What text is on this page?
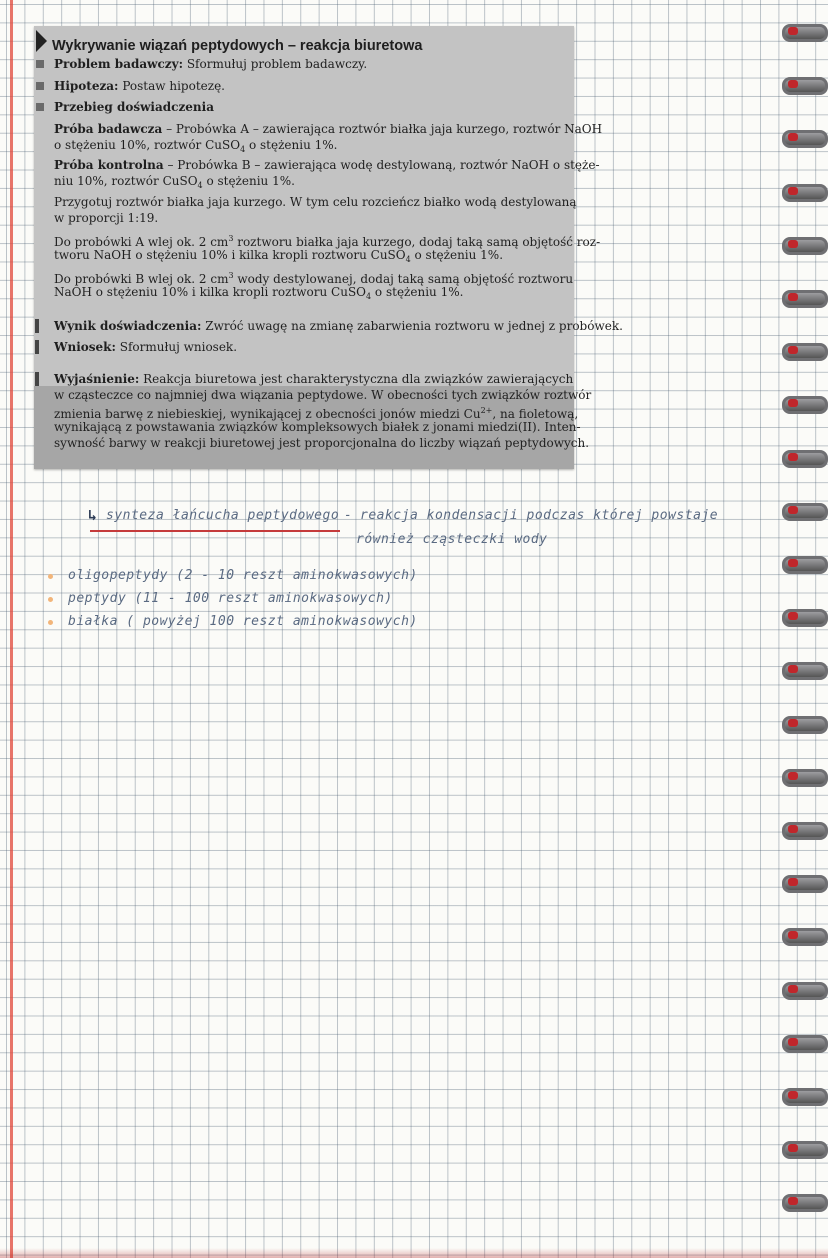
Wykrywanie wiązań peptydowych – reakcja biuretowa
Problem badawczy: Sformułuj problem badawczy.
Hipoteza: Postaw hipotezę.
Przebieg doświadczenia
Próba badawcza – Probówka A – zawierająca roztwór białka jaja kurzego, roztwór NaOH
o stężeniu 10%, roztwór CuSO$_4$ o stężeniu 1%.
Próba kontrolna – Probówka B – zawierająca wodę destylowaną, roztwór NaOH o stęże-
niu 10%, roztwór CuSO$_4$ o stężeniu 1%.
Przygotuj roztwór białka jaja kurzego. W tym celu rozcieńcz białko wodą destylowaną
w proporcji 1:19.
Do probówki A wlej ok. 2 $cm^3$ roztworu białka jaja kurzego, dodaj taką samą objętość roz-
tworu NaOH o stężeniu 10% i kilka kropli roztworu CuSO$_4$ o stężeniu 1%.
Do probówki B wlej ok. 2 $cm^3$ wody destylowanej, dodaj taką samą objętość roztworu
NaOH o stężeniu 10% i kilka kropli roztworu CuSO$_4$ o stężeniu 1%.
Wynik doświadczenia: Zwróć uwagę na zmianę zabarwienia roztworu w jednej z probówek.
Wniosek: Sformułuj wniosek.
Wyjaśnienie: Reakcja biuretowa jest charakterystyczna dla związków zawierających
w cząsteczce co najmniej dwa wiązania peptydowe. W obecności tych związków roztwór
zmienia barwę z niebieskiej, wynikającej z obecności jonów miedzi $Cu^{2+}$, na fioletową,
wynikającą z powstawania związków kompleksowych białek z jonami miedzi(II). Inten-
sywność barwy w reakcji biuretowej jest proporcjonalna do liczby wiązań peptydowych.
↳ synteza łańcucha peptydowego - reakcja kondensacji podczas której powstaje
również cząsteczki wody
oligopeptydy (2 - 10 reszt aminokwasowych)
peptydy (11 - 100 reszt aminokwasowych)
białka ( powyżej 100 reszt aminokwasowych)
